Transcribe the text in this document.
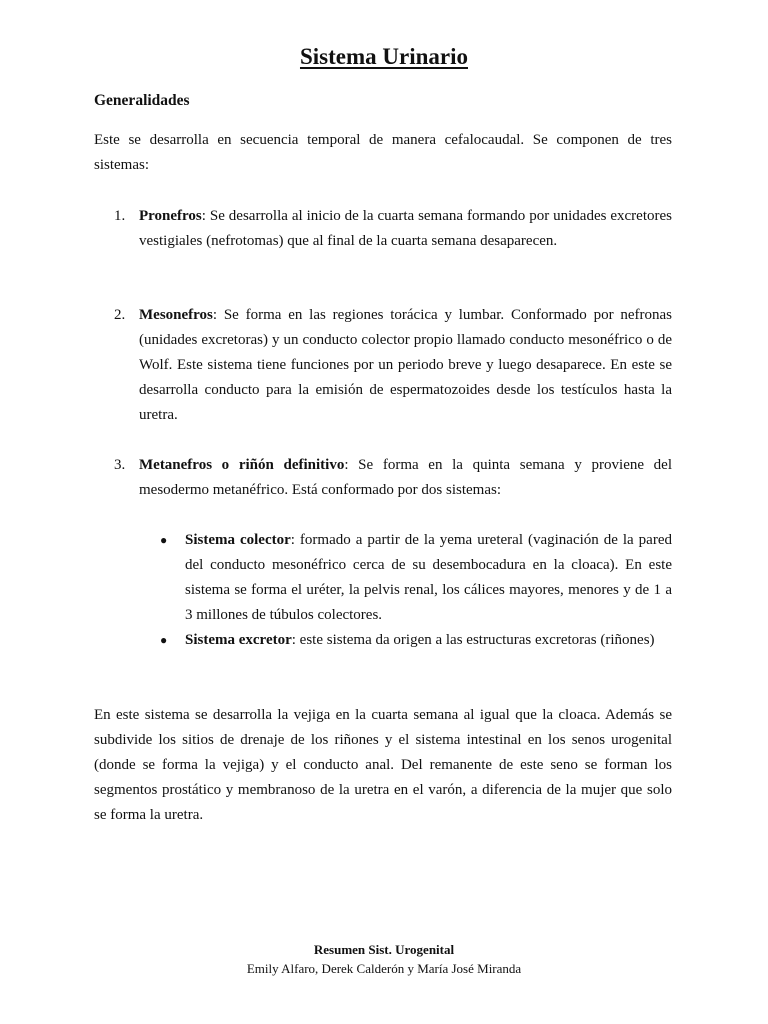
Sistema Urinario
Generalidades
Este se desarrolla en secuencia temporal de manera cefalocaudal. Se componen de tres sistemas:
1. Pronefros: Se desarrolla al inicio de la cuarta semana formando por unidades excretores vestigiales (nefrotomas) que al final de la cuarta semana desaparecen.
2. Mesonefros: Se forma en las regiones torácica y lumbar. Conformado por nefronas (unidades excretoras) y un conducto colector propio llamado conducto mesonéfrico o de Wolf. Este sistema tiene funciones por un periodo breve y luego desaparece. En este se desarrolla conducto para la emisión de espermatozoides desde los testículos hasta la uretra.
3. Metanefros o riñón definitivo: Se forma en la quinta semana y proviene del mesodermo metanéfrico. Está conformado por dos sistemas:
● Sistema colector: formado a partir de la yema ureteral (vaginación de la pared del conducto mesonéfrico cerca de su desembocadura en la cloaca). En este sistema se forma el uréter, la pelvis renal, los cálices mayores, menores y de 1 a 3 millones de túbulos colectores.
● Sistema excretor: este sistema da origen a las estructuras excretoras (riñones)
En este sistema se desarrolla la vejiga en la cuarta semana al igual que la cloaca. Además se subdivide los sitios de drenaje de los riñones y el sistema intestinal en los senos urogenital (donde se forma la vejiga) y el conducto anal. Del remanente de este seno se forman los segmentos prostático y membranoso de la uretra en el varón, a diferencia de la mujer que solo se forma la uretra.
Resumen Sist. Urogenital
Emily Alfaro, Derek Calderón y María José Miranda
